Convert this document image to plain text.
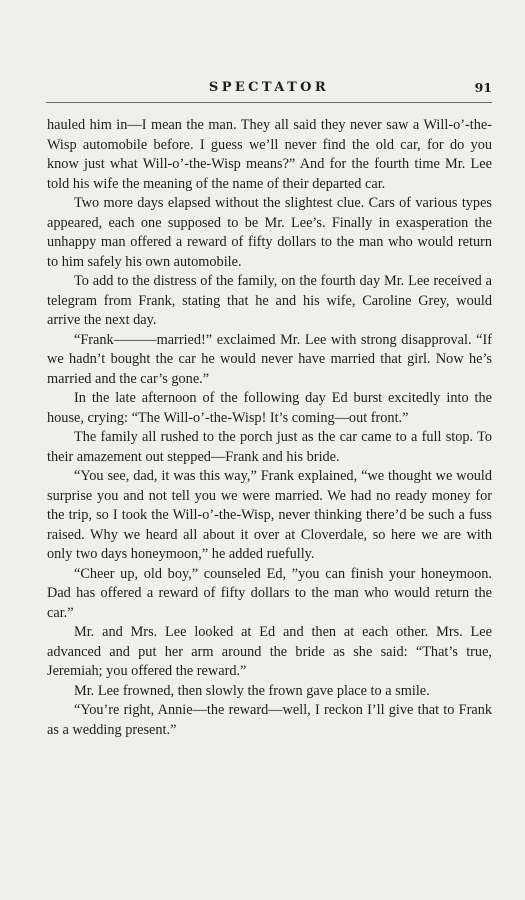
SPECTATOR	91

hauled him in—I mean the man. They all said they never saw a Will-o’-the-Wisp automobile before. I guess we’ll never find the old car, for do you know just what Will-o’-the-Wisp means?” And for the fourth time Mr. Lee told his wife the meaning of the name of their departed car.

Two more days elapsed without the slightest clue. Cars of various types appeared, each one supposed to be Mr. Lee’s. Finally in exasperation the unhappy man offered a reward of fifty dollars to the man who would return to him safely his own automobile.

To add to the distress of the family, on the fourth day Mr. Lee received a telegram from Frank, stating that he and his wife, Caroline Grey, would arrive the next day.

“Frank———married!” exclaimed Mr. Lee with strong disapproval. “If we hadn’t bought the car he would never have married that girl. Now he’s married and the car’s gone.”

In the late afternoon of the following day Ed burst excitedly into the house, crying: “The Will-o’-the-Wisp! It’s coming—out front.”

The family all rushed to the porch just as the car came to a full stop. To their amazement out stepped—Frank and his bride.

“You see, dad, it was this way,” Frank explained, “we thought we would surprise you and not tell you we were married. We had no ready money for the trip, so I took the Will-o’-the-Wisp, never thinking there’d be such a fuss raised. Why we heard all about it over at Cloverdale, so here we are with only two days honeymoon,” he added ruefully.

“Cheer up, old boy,” counseled Ed, ”you can finish your honeymoon. Dad has offered a reward of fifty dollars to the man who would return the car.”

Mr. and Mrs. Lee looked at Ed and then at each other. Mrs. Lee advanced and put her arm around the bride as she said: “That’s true, Jeremiah; you offered the reward.”

Mr. Lee frowned, then slowly the frown gave place to a smile.

“You’re right, Annie—the reward—well, I reckon I’ll give that to Frank as a wedding present.”
